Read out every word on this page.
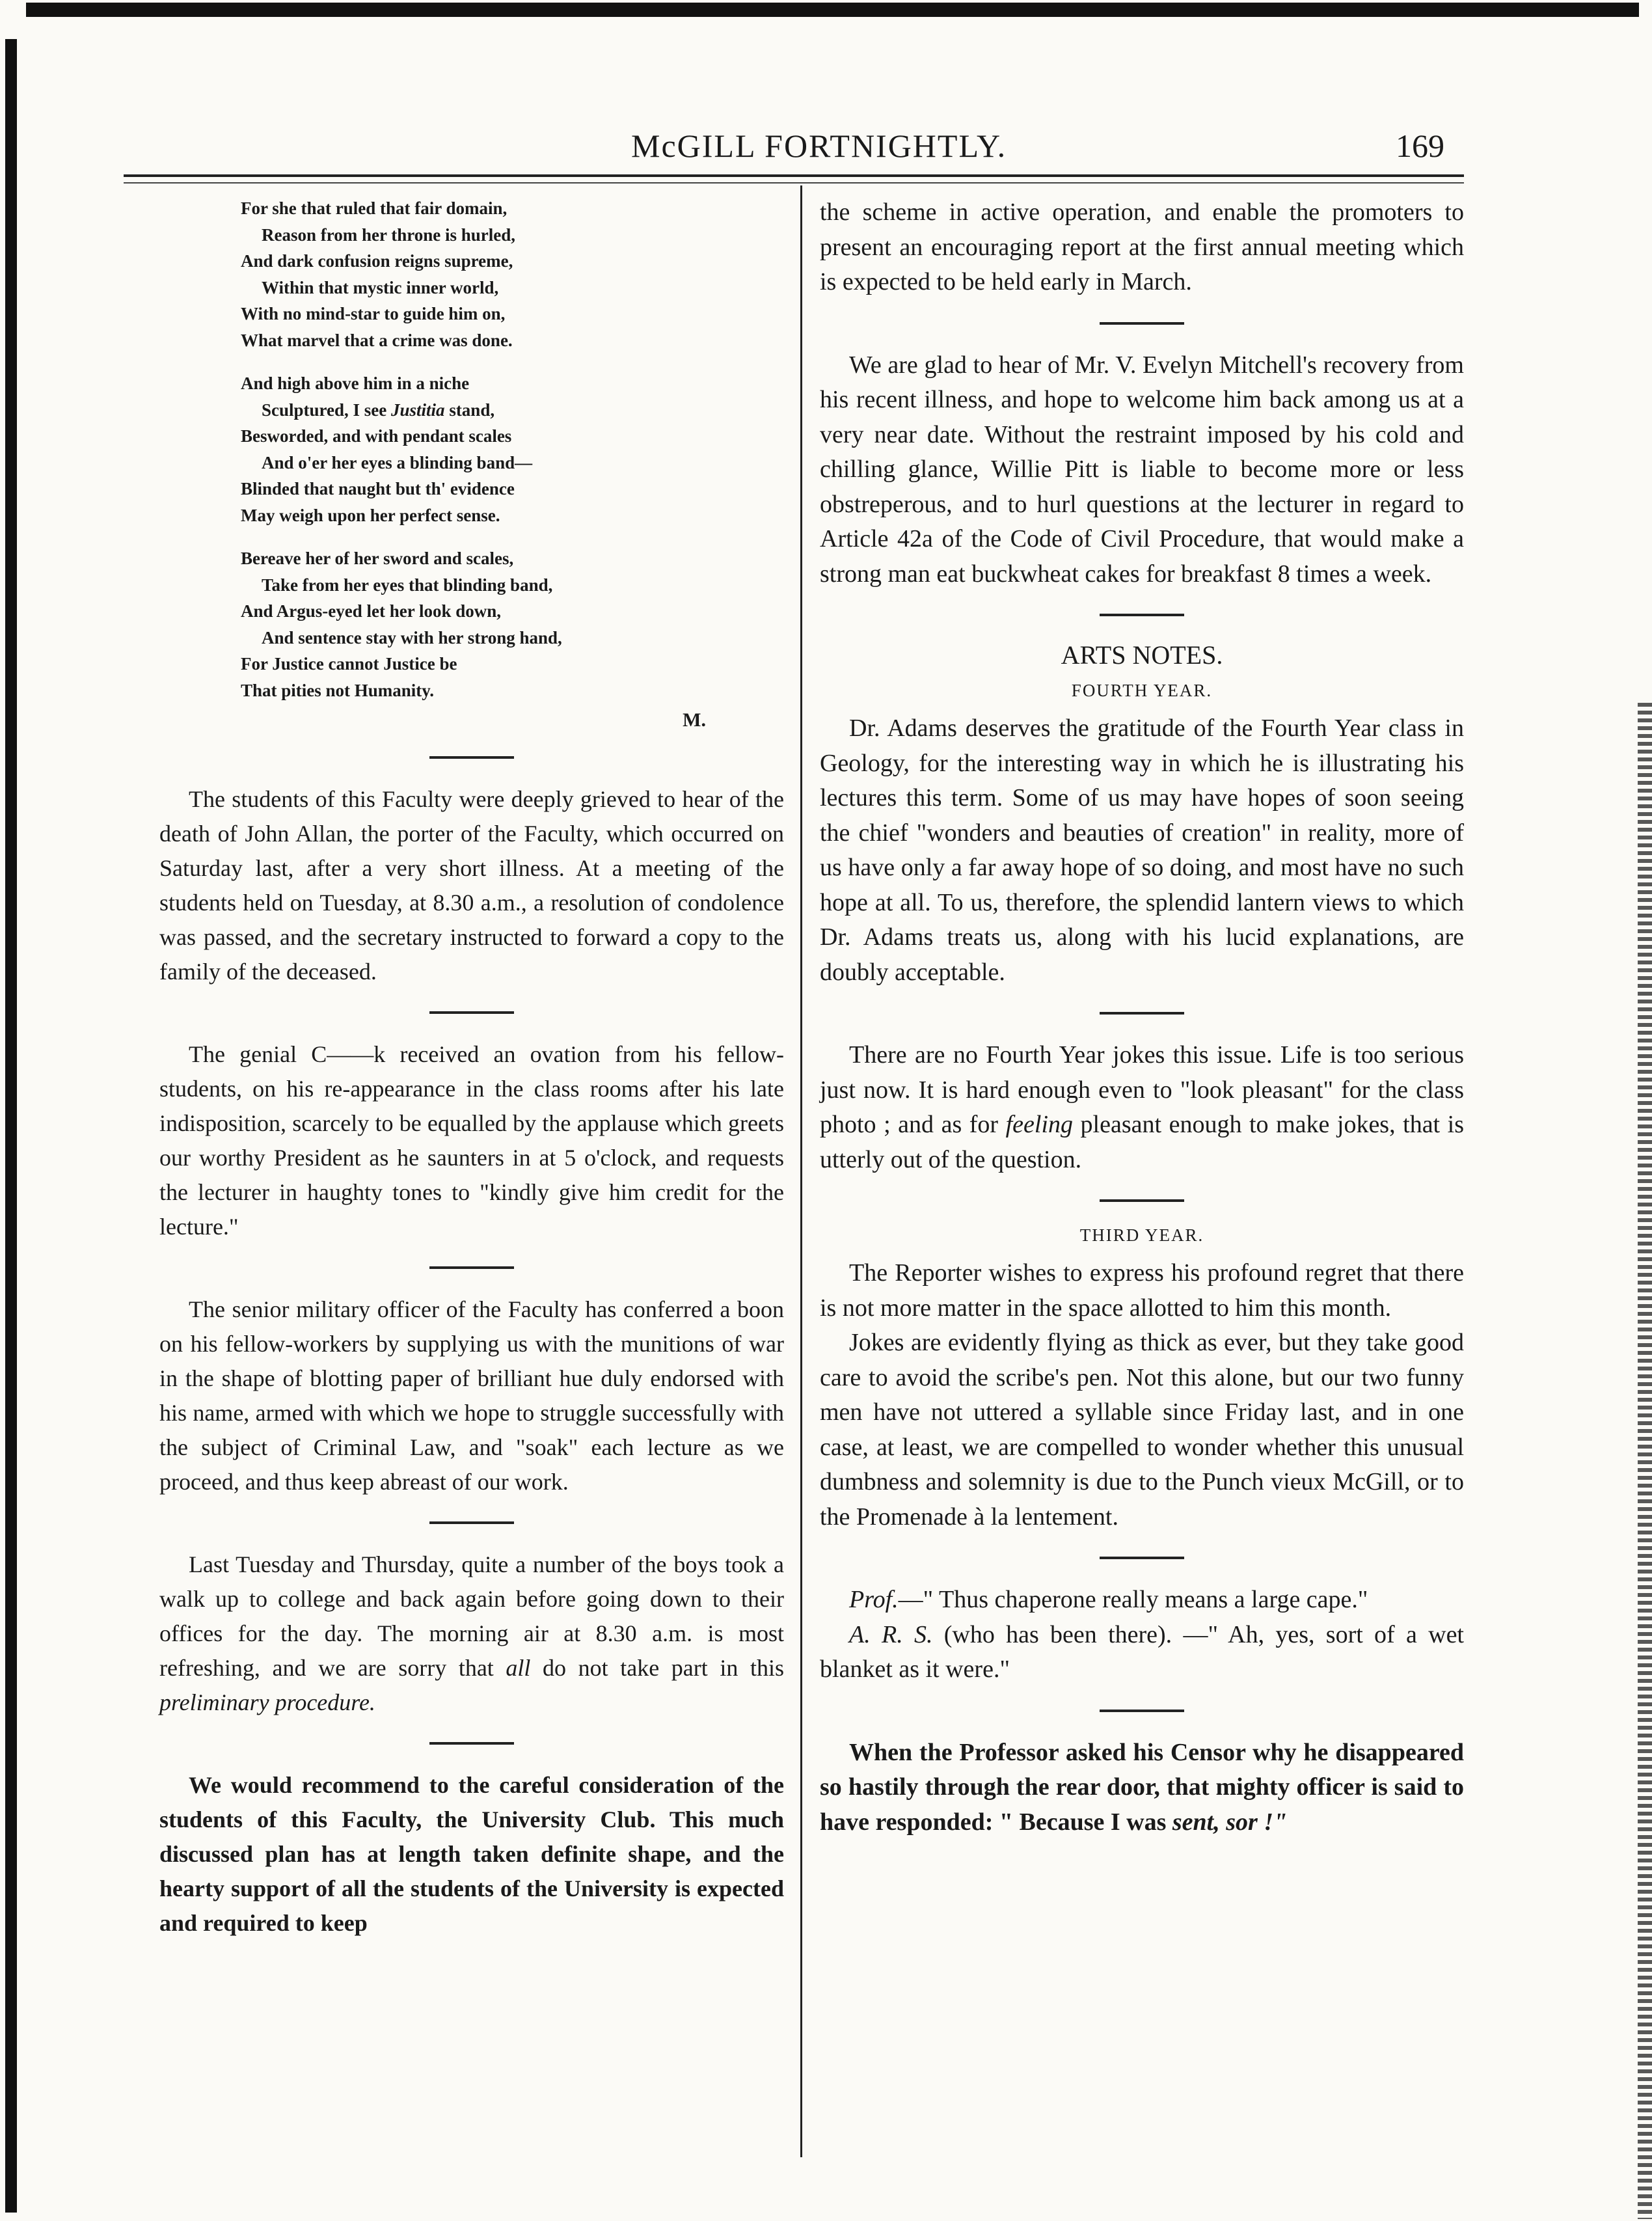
McGILL FORTNIGHTLY.	169
For she that ruled that fair domain,
Reason from her throne is hurled,
And dark confusion reigns supreme,
Within that mystic inner world,
With no mind-star to guide him on,
What marvel that a crime was done.
And high above him in a niche
Sculptured, I see Justitia stand,
Besworded, and with pendant scales
And o'er her eyes a blinding band—
Blinded that naught but th' evidence
May weigh upon her perfect sense.
Bereave her of her sword and scales,
Take from her eyes that blinding band,
And Argus-eyed let her look down,
And sentence stay with her strong hand,
For Justice cannot Justice be
That pities not Humanity.
M.

The students of this Faculty were deeply grieved to hear of the death of John Allan, the porter of the Faculty, which occurred on Saturday last, after a very short illness. At a meeting of the students held on Tuesday, at 8.30 a.m., a resolution of condolence was passed, and the secretary instructed to forward a copy to the family of the deceased.

The genial C——k received an ovation from his fellow-students, on his re-appearance in the class rooms after his late indisposition, scarcely to be equalled by the applause which greets our worthy President as he saunters in at 5 o'clock, and requests the lecturer in haughty tones to "kindly give him credit for the lecture."

The senior military officer of the Faculty has conferred a boon on his fellow-workers by supplying us with the munitions of war in the shape of blotting paper of brilliant hue duly endorsed with his name, armed with which we hope to struggle successfully with the subject of Criminal Law, and "soak" each lecture as we proceed, and thus keep abreast of our work.

Last Tuesday and Thursday, quite a number of the boys took a walk up to college and back again before going down to their offices for the day. The morning air at 8.30 a.m. is most refreshing, and we are sorry that all do not take part in this preliminary procedure.

We would recommend to the careful consideration of the students of this Faculty, the University Club. This much discussed plan has at length taken definite shape, and the hearty support of all the students of the University is expected and required to keep

the scheme in active operation, and enable the promoters to present an encouraging report at the first annual meeting which is expected to be held early in March.

We are glad to hear of Mr. V. Evelyn Mitchell's recovery from his recent illness, and hope to welcome him back among us at a very near date. Without the restraint imposed by his cold and chilling glance, Willie Pitt is liable to become more or less obstreperous, and to hurl questions at the lecturer in regard to Article 42a of the Code of Civil Procedure, that would make a strong man eat buckwheat cakes for breakfast 8 times a week.

ARTS NOTES.
FOURTH YEAR.

Dr. Adams deserves the gratitude of the Fourth Year class in Geology, for the interesting way in which he is illustrating his lectures this term. Some of us may have hopes of soon seeing the chief "wonders and beauties of creation" in reality, more of us have only a far away hope of so doing, and most have no such hope at all. To us, therefore, the splendid lantern views to which Dr. Adams treats us, along with his lucid explanations, are doubly acceptable.

There are no Fourth Year jokes this issue. Life is too serious just now. It is hard enough even to "look pleasant" for the class photo ; and as for feeling pleasant enough to make jokes, that is utterly out of the question.

THIRD YEAR.

The Reporter wishes to express his profound regret that there is not more matter in the space allotted to him this month.

Jokes are evidently flying as thick as ever, but they take good care to avoid the scribe's pen. Not this alone, but our two funny men have not uttered a syllable since Friday last, and in one case, at least, we are compelled to wonder whether this unusual dumbness and solemnity is due to the Punch vieux McGill, or to the Promenade à la lentement.

Prof.—" Thus chaperone really means a large cape."

A. R. S. (who has been there). —" Ah, yes, sort of a wet blanket as it were."

When the Professor asked his Censor why he disappeared so hastily through the rear door, that mighty officer is said to have responded: " Because I was sent, sor !"
